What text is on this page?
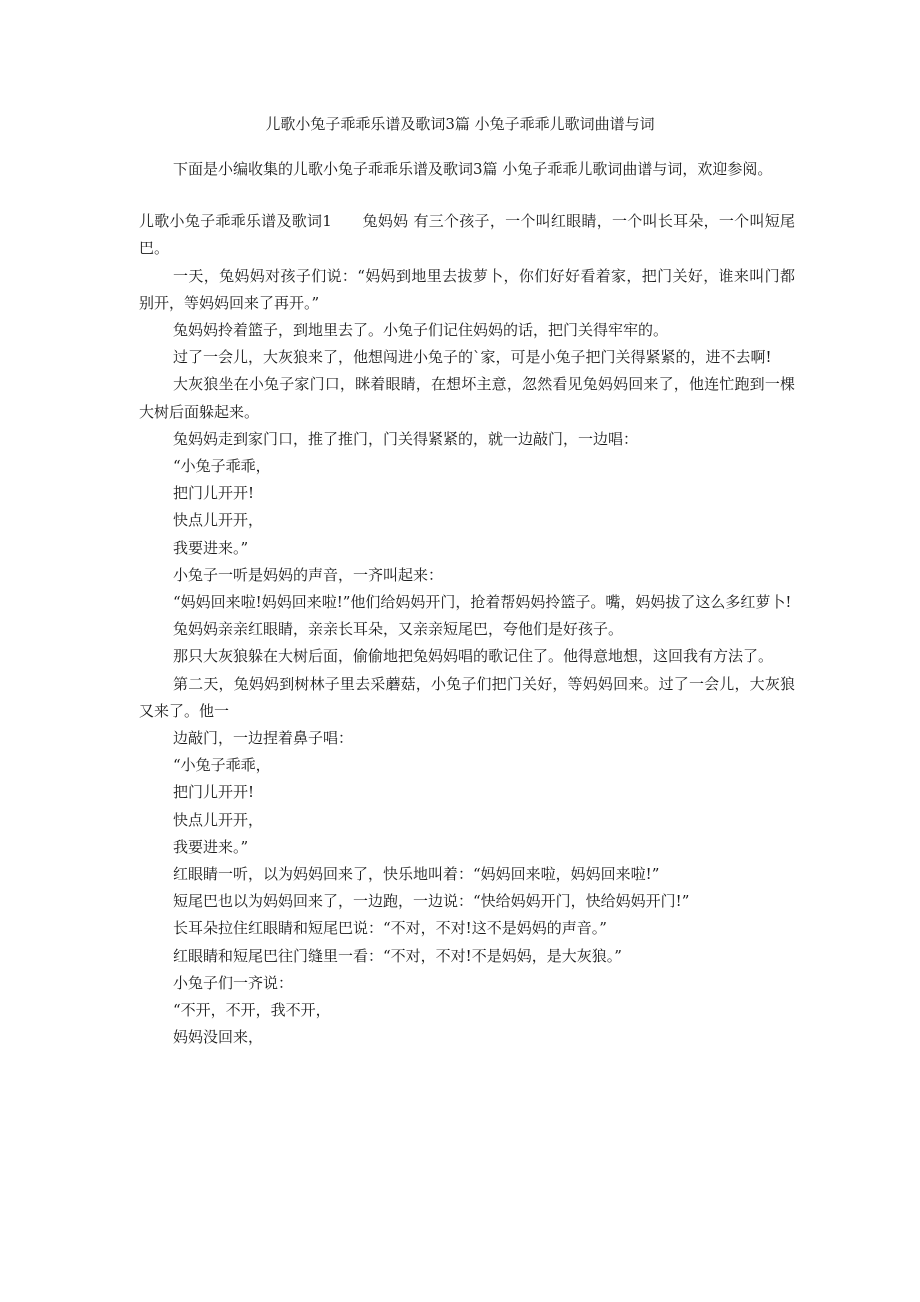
儿歌小兔子乖乖乐谱及歌词3篇 小兔子乖乖儿歌词曲谱与词

下面是小编收集的儿歌小兔子乖乖乐谱及歌词3篇 小兔子乖乖儿歌词曲谱与词，欢迎参阅。

儿歌小兔子乖乖乐谱及歌词1　　兔妈妈 有三个孩子，一个叫红眼睛，一个叫长耳朵，一个叫短尾巴。

一天，兔妈妈对孩子们说：“妈妈到地里去拔萝卜，你们好好看着家，把门关好，谁来叫门都别开，等妈妈回来了再开。”

兔妈妈拎着篮子，到地里去了。小兔子们记住妈妈的话，把门关得牢牢的。

过了一会儿，大灰狼来了，他想闯进小兔子的`家，可是小兔子把门关得紧紧的，进不去啊!

大灰狼坐在小兔子家门口，眯着眼睛，在想坏主意，忽然看见兔妈妈回来了，他连忙跑到一棵大树后面躲起来。

兔妈妈走到家门口，推了推门，门关得紧紧的，就一边敲门，一边唱：

“小兔子乖乖，

把门儿开开!

快点儿开开，

我要进来。”

小兔子一听是妈妈的声音，一齐叫起来：

“妈妈回来啦!妈妈回来啦!”他们给妈妈开门，抢着帮妈妈拎篮子。嘴，妈妈拔了这么多红萝卜!

兔妈妈亲亲红眼睛，亲亲长耳朵，又亲亲短尾巴，夸他们是好孩子。

那只大灰狼躲在大树后面，偷偷地把兔妈妈唱的歌记住了。他得意地想，这回我有方法了。

第二天，兔妈妈到树林子里去采蘑菇，小兔子们把门关好，等妈妈回来。过了一会儿，大灰狼又来了。他一

边敲门，一边捏着鼻子唱：

“小兔子乖乖，

把门儿开开!

快点儿开开，

我要进来。”

红眼睛一听，以为妈妈回来了，快乐地叫着：“妈妈回来啦，妈妈回来啦!”

短尾巴也以为妈妈回来了，一边跑，一边说：“快给妈妈开门，快给妈妈开门!”

长耳朵拉住红眼睛和短尾巴说：“不对，不对!这不是妈妈的声音。”

红眼睛和短尾巴往门缝里一看：“不对，不对!不是妈妈，是大灰狼。”

小兔子们一齐说：

“不开，不开，我不开，

妈妈没回来，
